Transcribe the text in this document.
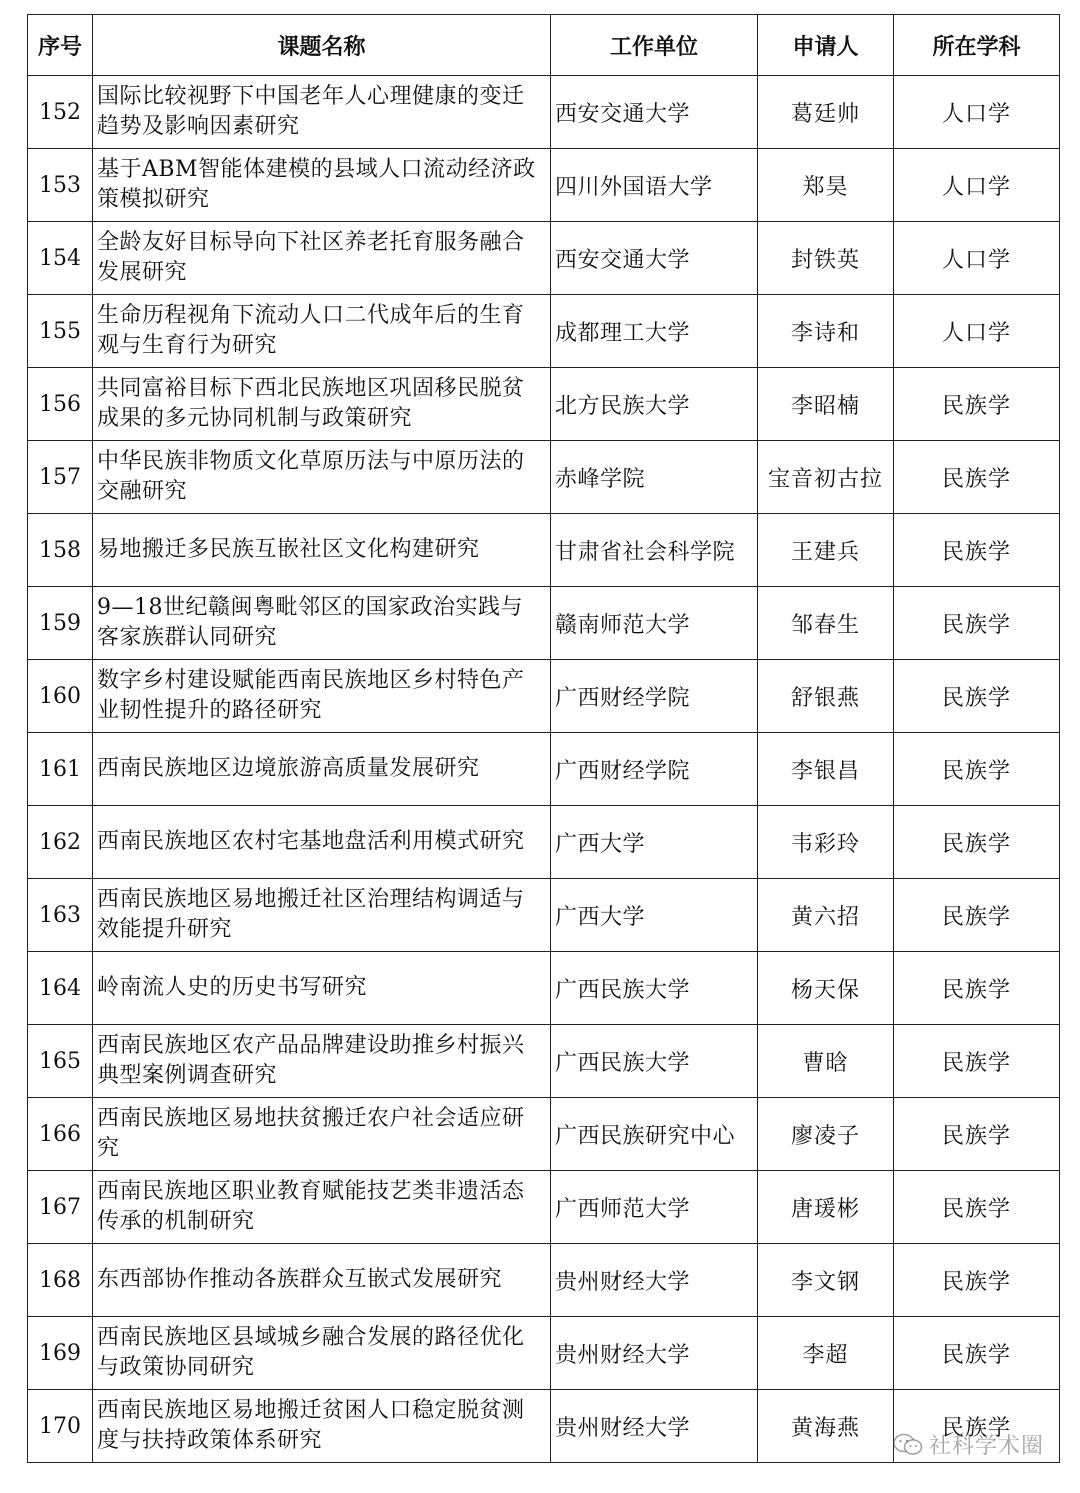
序号	课题名称	工作单位	申请人	所在学科
152	国际比较视野下中国老年人心理健康的变迁趋势及影响因素研究	西安交通大学	葛廷帅	人口学
153	基于ABM智能体建模的县域人口流动经济政策模拟研究	四川外国语大学	郑昊	人口学
154	全龄友好目标导向下社区养老托育服务融合发展研究	西安交通大学	封铁英	人口学
155	生命历程视角下流动人口二代成年后的生育观与生育行为研究	成都理工大学	李诗和	人口学
156	共同富裕目标下西北民族地区巩固移民脱贫成果的多元协同机制与政策研究	北方民族大学	李昭楠	民族学
157	中华民族非物质文化草原历法与中原历法的交融研究	赤峰学院	宝音初古拉	民族学
158	易地搬迁多民族互嵌社区文化构建研究	甘肃省社会科学院	王建兵	民族学
159	9—18世纪赣闽粤毗邻区的国家政治实践与客家族群认同研究	赣南师范大学	邹春生	民族学
160	数字乡村建设赋能西南民族地区乡村特色产业韧性提升的路径研究	广西财经学院	舒银燕	民族学
161	西南民族地区边境旅游高质量发展研究	广西财经学院	李银昌	民族学
162	西南民族地区农村宅基地盘活利用模式研究	广西大学	韦彩玲	民族学
163	西南民族地区易地搬迁社区治理结构调适与效能提升研究	广西大学	黄六招	民族学
164	岭南流人史的历史书写研究	广西民族大学	杨天保	民族学
165	西南民族地区农产品品牌建设助推乡村振兴典型案例调查研究	广西民族大学	曹晗	民族学
166	西南民族地区易地扶贫搬迁农户社会适应研究	广西民族研究中心	廖凌子	民族学
167	西南民族地区职业教育赋能技艺类非遗活态传承的机制研究	广西师范大学	唐瑗彬	民族学
168	东西部协作推动各族群众互嵌式发展研究	贵州财经大学	李文钢	民族学
169	西南民族地区县域城乡融合发展的路径优化与政策协同研究	贵州财经大学	李超	民族学
170	西南民族地区易地搬迁贫困人口稳定脱贫测度与扶持政策体系研究	贵州财经大学	黄海燕	民族学
社科学术圈
